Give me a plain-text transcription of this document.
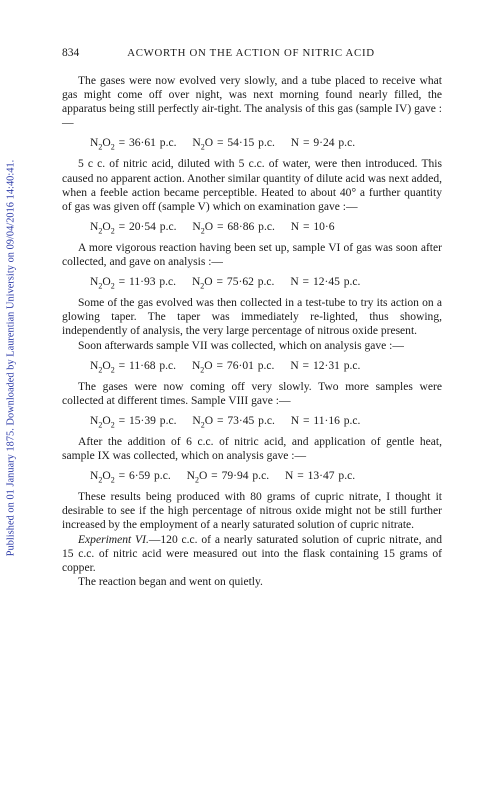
Published on 01 January 1875. Downloaded by Laurentian University on 09/04/2016 14:40:41.
834	ACWORTH ON THE ACTION OF NITRIC ACID

The gases were now evolved very slowly, and a tube placed to receive what gas might come off over night, was next morning found nearly filled, the apparatus being still perfectly air-tight. The analysis of this gas (sample IV) gave :—

$N_2O_2 = 36\cdot 61$ p.c. $N_2O = 54\cdot 15$ p.c. N = 9·24 p.c.

5 c c. of nitric acid, diluted with 5 c.c. of water, were then introduced. This caused no apparent action. Another similar quantity of dilute acid was next added, when a feeble action became perceptible. Heated to about 40° a further quantity of gas was given off (sample V) which on examination gave :—

$N_2O_2 = 20\cdot 54$ p.c. $N_2O = 68\cdot 86$ p.c. N = 10·6

A more vigorous reaction having been set up, sample VI of gas was soon after collected, and gave on analysis :—

$N_2O_2 = 11\cdot 93$ p.c. $N_2O = 75\cdot 62$ p.c. N = 12·45 p.c.

Some of the gas evolved was then collected in a test-tube to try its action on a glowing taper. The taper was immediately re-lighted, thus showing, independently of analysis, the very large percentage of nitrous oxide present.

Soon afterwards sample VII was collected, which on analysis gave :—

$N_2O_2 = 11\cdot 68$ p.c. $N_2O = 76\cdot 01$ p.c. N = 12·31 p.c.

The gases were now coming off very slowly. Two more samples were collected at different times. Sample VIII gave :—

$N_2O_2 = 15\cdot 39$ p.c. $N_2O = 73\cdot 45$ p.c. N = 11·16 p.c.

After the addition of 6 c.c. of nitric acid, and application of gentle heat, sample IX was collected, which on analysis gave :—

$N_2O_2 = 6\cdot 59$ p.c. $N_2O = 79\cdot 94$ p.c. N = 13·47 p.c.

These results being produced with 80 grams of cupric nitrate, I thought it desirable to see if the high percentage of nitrous oxide might not be still further increased by the employment of a nearly saturated solution of cupric nitrate.

Experiment VI.—120 c.c. of a nearly saturated solution of cupric nitrate, and 15 c.c. of nitric acid were measured out into the flask containing 15 grams of copper.

The reaction began and went on quietly.
